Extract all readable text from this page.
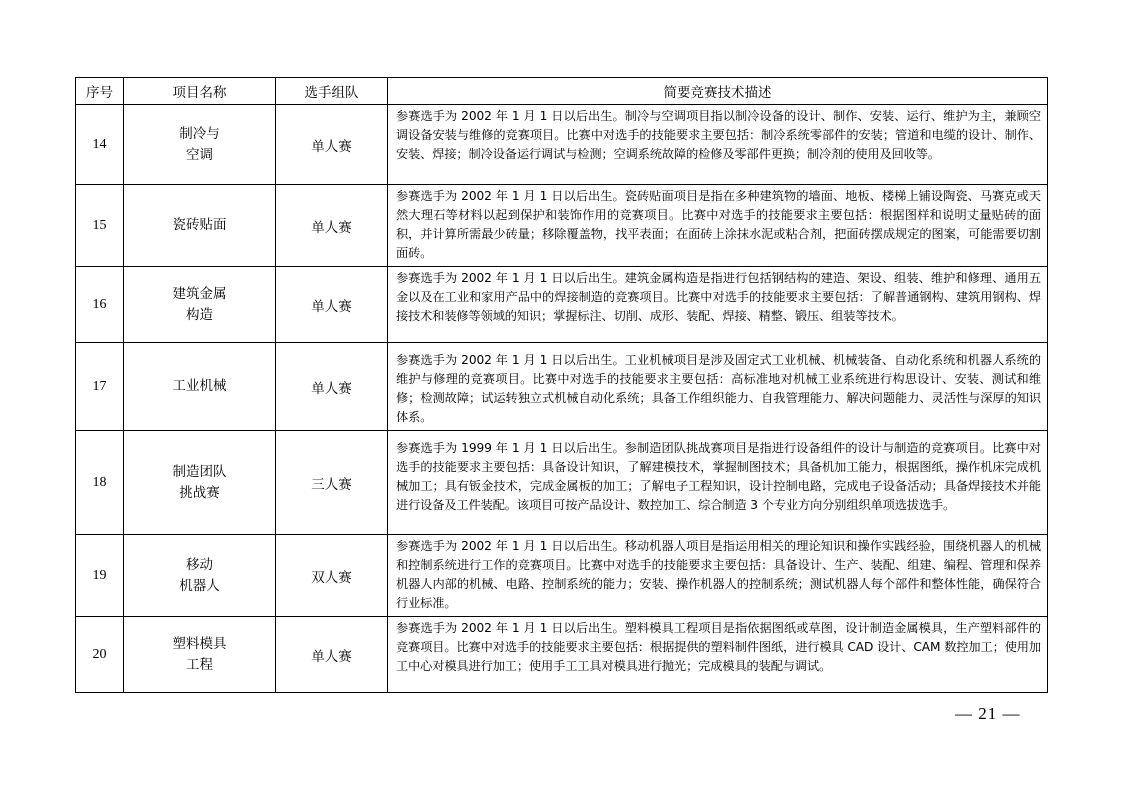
序号	项目名称	选手组队	简要竞赛技术描述
14	制冷与
空调	单人赛	参赛选手为 2002 年 1 月 1 日以后出生。制冷与空调项目指以制冷设备的设计、制作、安装、运行、维护为主，兼顾空调设备安装与维修的竞赛项目。比赛中对选手的技能要求主要包括：制冷系统零部件的安装；管道和电缆的设计、制作、安装、焊接；制冷设备运行调试与检测；空调系统故障的检修及零部件更换；制冷剂的使用及回收等。
15	瓷砖贴面	单人赛	参赛选手为 2002 年 1 月 1 日以后出生。瓷砖贴面项目是指在多种建筑物的墙面、地板、楼梯上铺设陶瓷、马赛克或天然大理石等材料以起到保护和装饰作用的竞赛项目。比赛中对选手的技能要求主要包括：根据图样和说明丈量贴砖的面积，并计算所需最少砖量；移除覆盖物，找平表面；在面砖上涂抹水泥或粘合剂，把面砖摆成规定的图案，可能需要切割面砖。
16	建筑金属
构造	单人赛	参赛选手为 2002 年 1 月 1 日以后出生。建筑金属构造是指进行包括钢结构的建造、架设、组装、维护和修理、通用五金以及在工业和家用产品中的焊接制造的竞赛项目。比赛中对选手的技能要求主要包括：了解普通钢构、建筑用钢构、焊接技术和装修等领域的知识；掌握标注、切削、成形、装配、焊接、精整、锻压、组装等技术。
17	工业机械	单人赛	参赛选手为 2002 年 1 月 1 日以后出生。工业机械项目是涉及固定式工业机械、机械装备、自动化系统和机器人系统的维护与修理的竞赛项目。比赛中对选手的技能要求主要包括：高标准地对机械工业系统进行构思设计、安装、测试和维修；检测故障；试运转独立式机械自动化系统；具备工作组织能力、自我管理能力、解决问题能力、灵活性与深厚的知识体系。
18	制造团队
挑战赛	三人赛	参赛选手为 1999 年 1 月 1 日以后出生。参制造团队挑战赛项目是指进行设备组件的设计与制造的竞赛项目。比赛中对选手的技能要求主要包括：具备设计知识，了解建模技术，掌握制图技术；具备机加工能力，根据图纸，操作机床完成机械加工；具有钣金技术，完成金属板的加工；了解电子工程知识，设计控制电路，完成电子设备活动；具备焊接技术并能进行设备及工件装配。该项目可按产品设计、数控加工、综合制造 3 个专业方向分别组织单项选拔选手。
19	移动
机器人	双人赛	参赛选手为 2002 年 1 月 1 日以后出生。移动机器人项目是指运用相关的理论知识和操作实践经验，围绕机器人的机械和控制系统进行工作的竞赛项目。比赛中对选手的技能要求主要包括：具备设计、生产、装配、组建、编程、管理和保养机器人内部的机械、电路、控制系统的能力；安装、操作机器人的控制系统；测试机器人每个部件和整体性能，确保符合行业标准。
20	塑料模具
工程	单人赛	参赛选手为 2002 年 1 月 1 日以后出生。塑料模具工程项目是指依据图纸或草图，设计制造金属模具，生产塑料部件的竞赛项目。比赛中对选手的技能要求主要包括：根据提供的塑料制件图纸，进行模具 CAD 设计、CAM 数控加工；使用加工中心对模具进行加工；使用手工工具对模具进行抛光；完成模具的装配与调试。
— 21 —
